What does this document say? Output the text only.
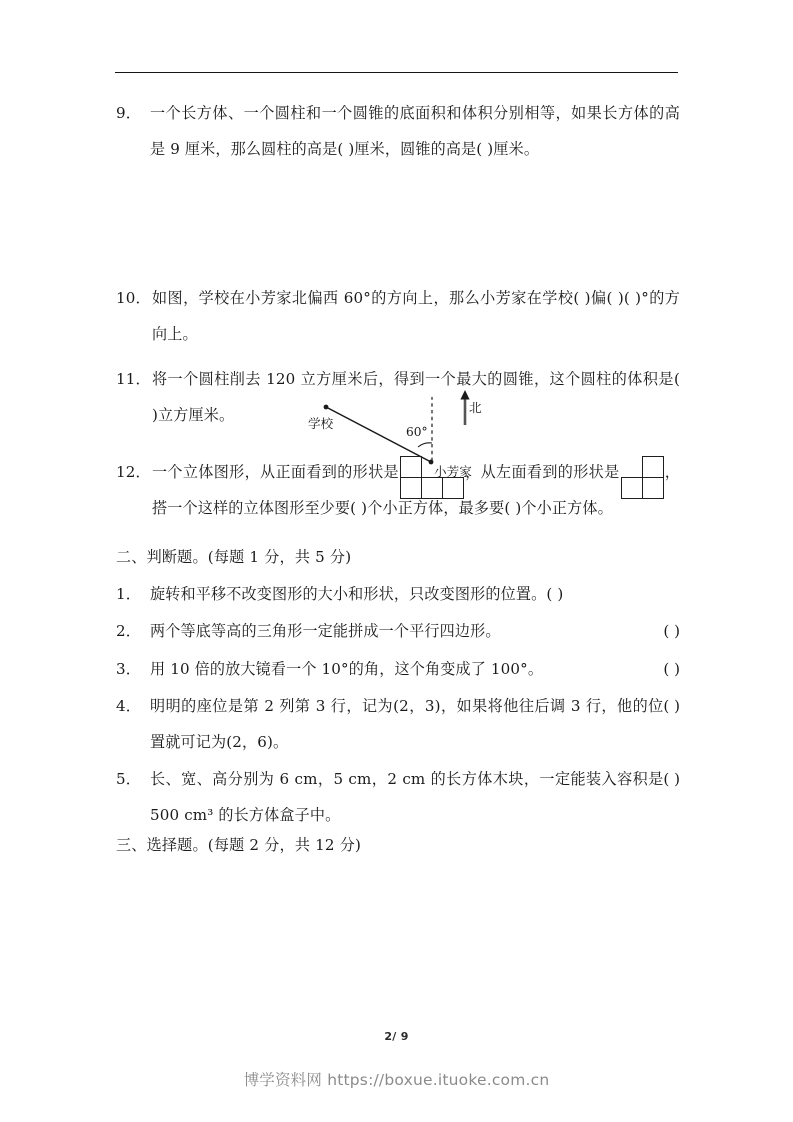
9． 一个长方体、一个圆柱和一个圆锥的底面积和体积分别相等，如果长方体的高是 9 厘米，那么圆柱的高是( )厘米，圆锥的高是( )厘米。
学校
小芳家
北
60°
10． 如图，学校在小芳家北偏西 60°的方向上，那么小芳家在学校( )偏( )( )°的方向上。
11． 将一个圆柱削去 120 立方厘米后，得到一个最大的圆锥，这个圆柱的体积是( )立方厘米。
12． 一个立体图形，从正面看到的形状是	，从左面看到的形状是	，搭一个这样的立体图形至少要( )个小正方体，最多要( )个小正方体。
二、判断题。(每题 1 分，共 5 分)
1． 旋转和平移不改变图形的大小和形状，只改变图形的位置。( )
2．	( )
两个等底等高的三角形一定能拼成一个平行四边形。
3．	( )
用 10 倍的放大镜看一个 10°的角，这个角变成了 100°。
4．	( )
明明的座位是第 2 列第 3 行，记为(2，3)，如果将他往后调 3 行，他的位置就可记为(2，6)。
5．	( )
长、宽、高分别为 6 cm，5 cm，2 cm 的长方体木块，一定能装入容积是 500 cm³ 的长方体盒子中。
三、选择题。(每题 2 分，共 12 分)
2/ 9
博学资料网 https://boxue.ituoke.com.cn
